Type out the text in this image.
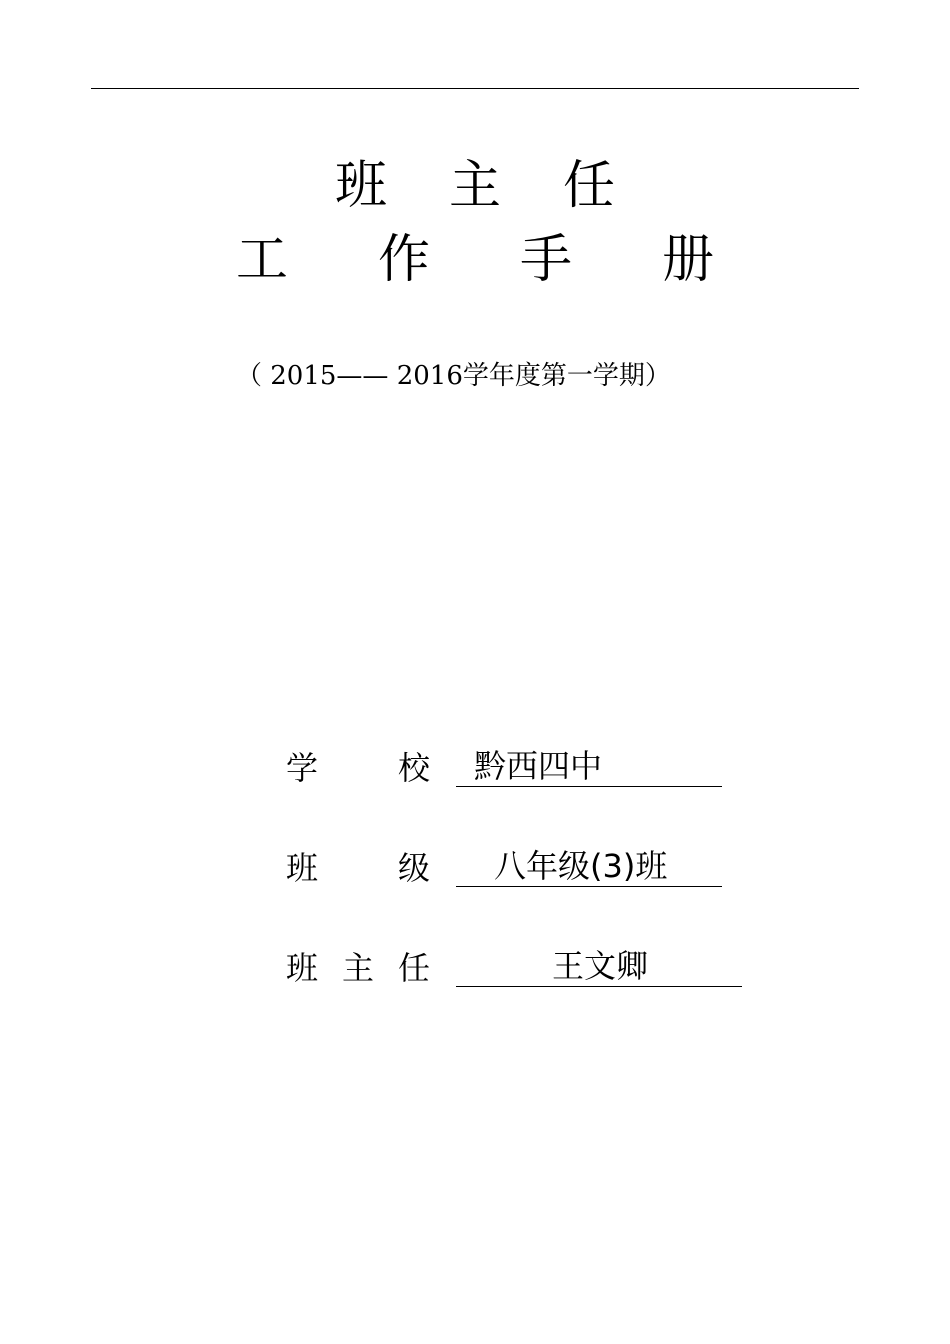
班 主 任
工 作 手 册
（ 2015—— 2016学年度第一学期）
学 校 黔西四中
班 级 八年级(3)班
班 主 任	王文卿
